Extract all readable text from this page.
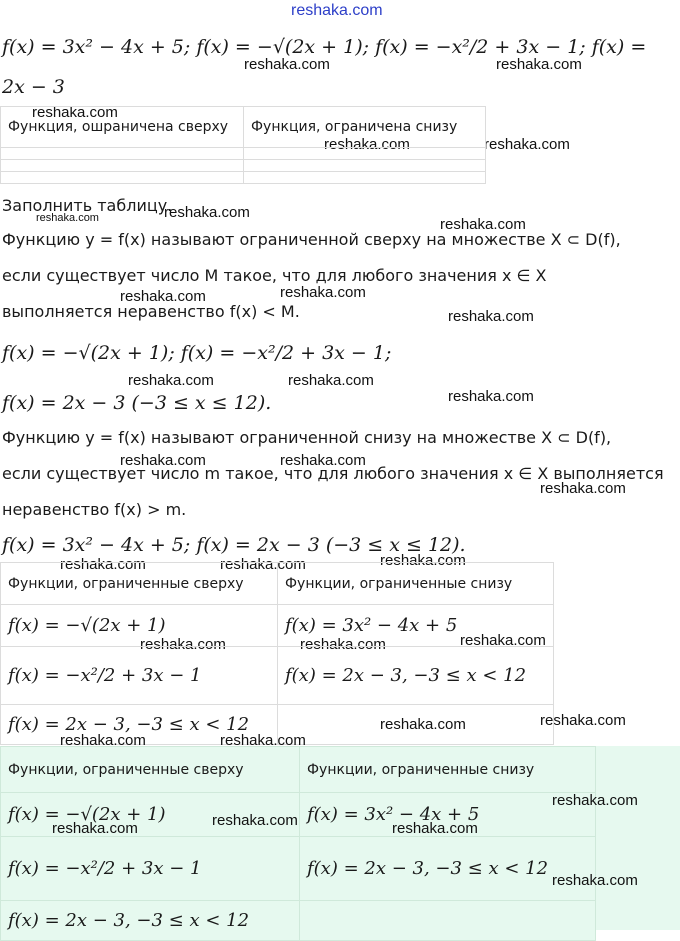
reshaka.com
reshaka.com	reshaka.com
reshaka.com
reshaka.com	reshaka.com
reshaka.com	reshaka.com
reshaka.com
reshaka.com
reshaka.com
reshaka.com
reshaka.com	reshaka.com
reshaka.com
reshaka.com	reshaka.com
reshaka.com
reshaka.com
reshaka.com	reshaka.com
reshaka.com	reshaka.com	reshaka.com
reshaka.com	reshaka.com
reshaka.com	reshaka.com
reshaka.com
reshaka.com
reshaka.com	reshaka.com
reshaka.com
f(x) = 3x² − 4x + 5; f(x) = −√(2x + 1); f(x) = −x²/2 + 3x − 1; f(x) =
2x − 3
Функция, ошраничена сверху	Функция, ограничена снизу

Заполнить таблицу.
Функцию y = f(x) называют ограниченной сверху на множестве X ⊂ D(f),
если существует число M такое, что для любого значения x ∈ X
выполняется неравенство f(x) < M.
f(x) = −√(2x + 1); f(x) = −x²/2 + 3x − 1;
f(x) = 2x − 3 (−3 ≤ x ≤ 12).
Функцию y = f(x) называют ограниченной снизу на множестве X ⊂ D(f),
если существует число m такое, что для любого значения x ∈ X выполняется
неравенство f(x) > m.
f(x) = 3x² − 4x + 5; f(x) = 2x − 3 (−3 ≤ x ≤ 12).
Функции, ограниченные сверху	Функции, ограниченные снизу
f(x) = −√(2x + 1)	f(x) = 3x² − 4x + 5
f(x) = −x²/2 + 3x − 1	f(x) = 2x − 3, −3 ≤ x < 12
f(x) = 2x − 3, −3 ≤ x < 12	
Функции, ограниченные сверху	Функции, ограниченные снизу
f(x) = −√(2x + 1)	f(x) = 3x² − 4x + 5
f(x) = −x²/2 + 3x − 1	f(x) = 2x − 3, −3 ≤ x < 12
f(x) = 2x − 3, −3 ≤ x < 12	
